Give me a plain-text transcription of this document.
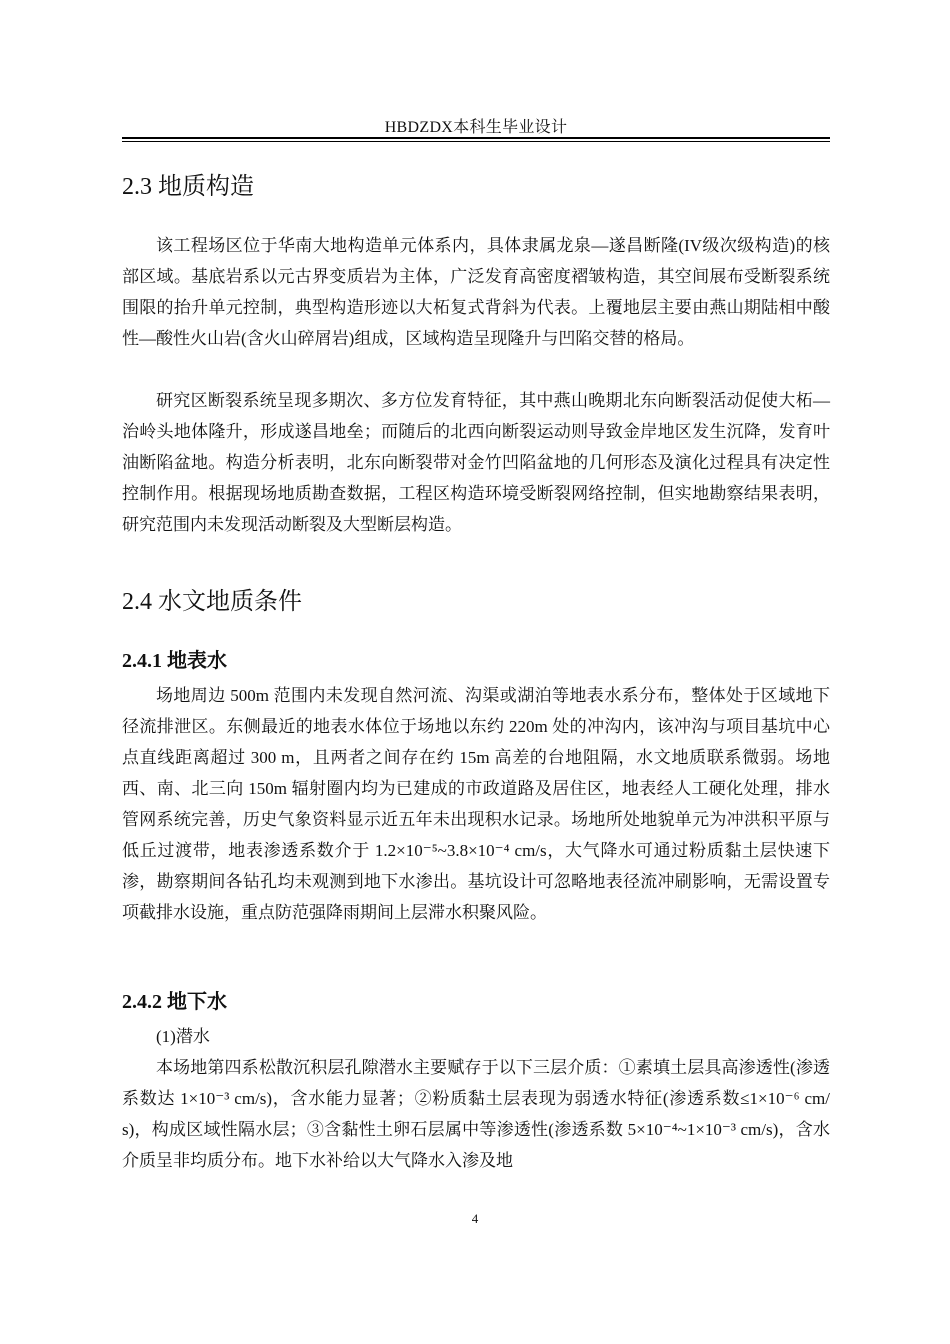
HBDZDX本科生毕业设计
2.3 地质构造

该工程场区位于华南大地构造单元体系内，具体隶属龙泉—遂昌断隆(IV级次级构造)的核部区域。基底岩系以元古界变质岩为主体，广泛发育高密度褶皱构造，其空间展布受断裂系统围限的抬升单元控制，典型构造形迹以大柘复式背斜为代表。上覆地层主要由燕山期陆相中酸性—酸性火山岩(含火山碎屑岩)组成，区域构造呈现隆升与凹陷交替的格局。

研究区断裂系统呈现多期次、多方位发育特征，其中燕山晚期北东向断裂活动促使大柘—治岭头地体隆升，形成遂昌地垒；而随后的北西向断裂运动则导致金岸地区发生沉降，发育叶油断陷盆地。构造分析表明，北东向断裂带对金竹凹陷盆地的几何形态及演化过程具有决定性控制作用。根据现场地质勘查数据，工程区构造环境受断裂网络控制，但实地勘察结果表明，研究范围内未发现活动断裂及大型断层构造。

2.4 水文地质条件
2.4.1 地表水

场地周边 500m 范围内未发现自然河流、沟渠或湖泊等地表水系分布，整体处于区域地下径流排泄区。东侧最近的地表水体位于场地以东约 220m 处的冲沟内，该冲沟与项目基坑中心点直线距离超过 300 m，且两者之间存在约 15m 高差的台地阻隔，水文地质联系微弱。场地西、南、北三向 150m 辐射圈内均为已建成的市政道路及居住区，地表经人工硬化处理，排水管网系统完善，历史气象资料显示近五年未出现积水记录。场地所处地貌单元为冲洪积平原与低丘过渡带，地表渗透系数介于 1.2×10⁻⁵~3.8×10⁻⁴ cm/s，大气降水可通过粉质黏土层快速下渗，勘察期间各钻孔均未观测到地下水渗出。基坑设计可忽略地表径流冲刷影响，无需设置专项截排水设施，重点防范强降雨期间上层滞水积聚风险。

2.4.2 地下水

(1)潜水

本场地第四系松散沉积层孔隙潜水主要赋存于以下三层介质：①素填土层具高渗透性(渗透系数达 1×10⁻³ cm/s)，含水能力显著；②粉质黏土层表现为弱透水特征(渗透系数≤1×10⁻⁶ cm/s)，构成区域性隔水层；③含黏性土卵石层属中等渗透性(渗透系数 5×10⁻⁴~1×10⁻³ cm/s)，含水介质呈非均质分布。地下水补给以大气降水入渗及地

4
